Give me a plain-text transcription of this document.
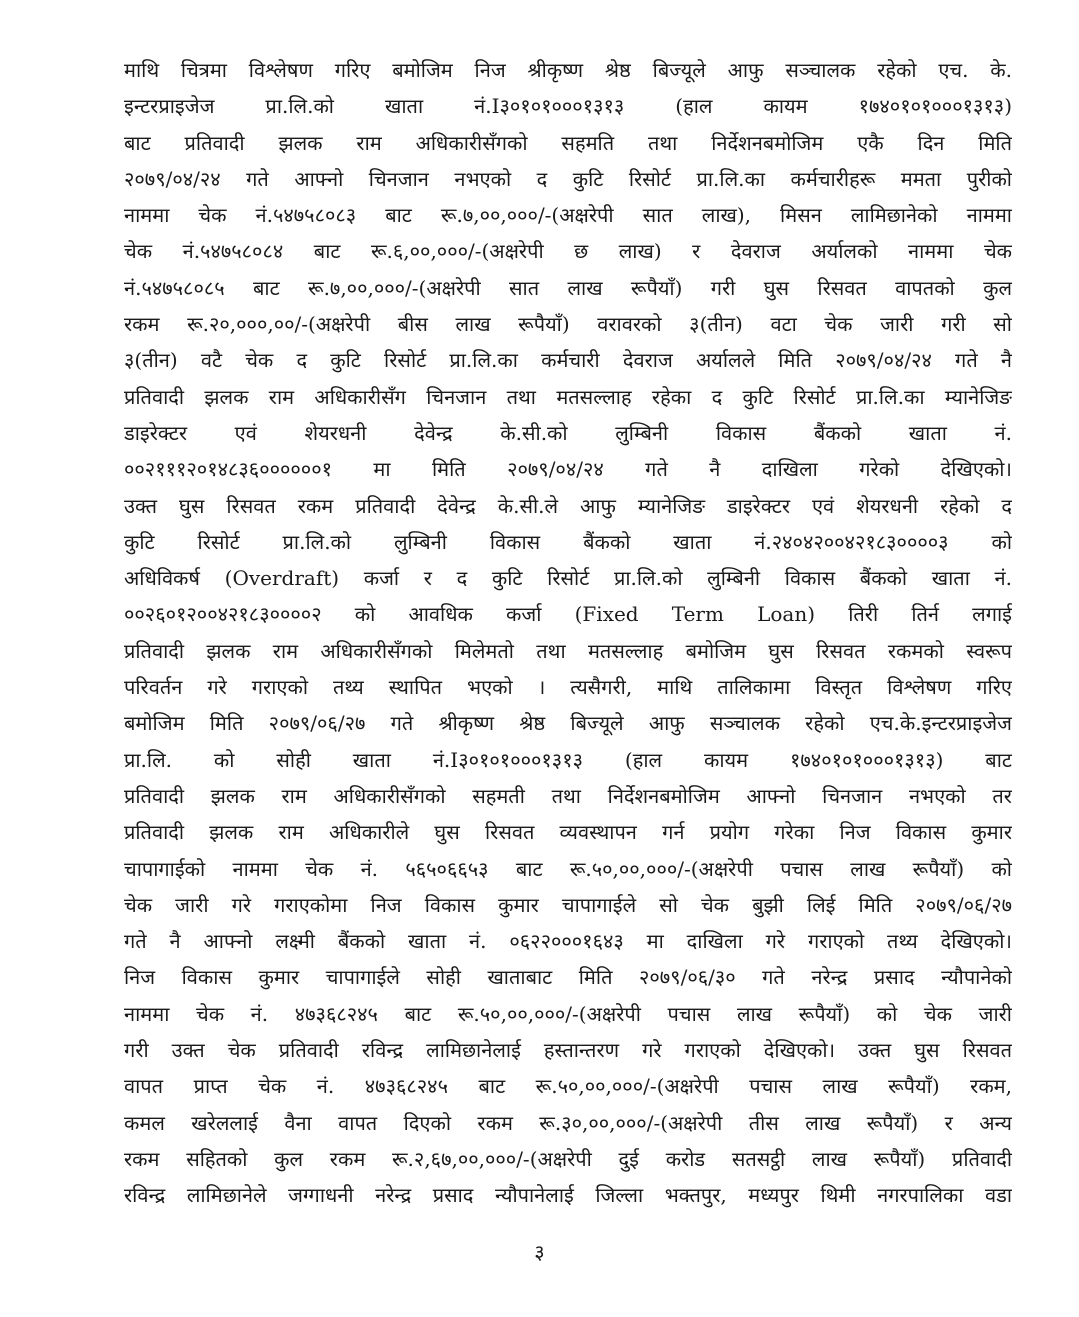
माथि चित्रमा विश्लेषण गरिए बमोजिम निज श्रीकृष्ण श्रेष्ठ बिज्यूले आफु सञ्चालक रहेको एच. के.
इन्टरप्राइजेज प्रा.लि.को खाता नं.I३०१०१०००१३१३ (हाल कायम १७४०१०१०००१३१३)
बाट प्रतिवादी झलक राम अधिकारीसँगको सहमति तथा निर्देशनबमोजिम एकै दिन मिति
२०७९/०४/२४ गते आफ्नो चिनजान नभएको द कुटि रिसोर्ट प्रा.लि.का कर्मचारीहरू ममता पुरीको
नाममा चेक नं.५४७५८०८३ बाट रू.७,००,०००/-(अक्षरेपी सात लाख), मिसन लामिछानेको नाममा
चेक नं.५४७५८०८४ बाट रू.६,००,०००/-(अक्षरेपी छ लाख) र देवराज अर्यालको नाममा चेक
नं.५४७५८०८५ बाट रू.७,००,०००/-(अक्षरेपी सात लाख रूपैयाँ) गरी घुस रिसवत वापतको कुल
रकम रू.२०,०००,००/-(अक्षरेपी बीस लाख रूपैयाँ) वरावरको ३(तीन) वटा चेक जारी गरी सो
३(तीन) वटै चेक द कुटि रिसोर्ट प्रा.लि.का कर्मचारी देवराज अर्यालले मिति २०७९/०४/२४ गते नै
प्रतिवादी झलक राम अधिकारीसँग चिनजान तथा मतसल्लाह रहेका द कुटि रिसोर्ट प्रा.लि.का म्यानेजिङ
डाइरेक्टर एवं शेयरधनी देवेन्द्र के.सी.को लुम्बिनी विकास बैंकको खाता नं.
००२१११२०१४८३६००००००१ मा मिति २०७९/०४/२४ गते नै दाखिला गरेको देखिएको।
उक्त घुस रिसवत रकम प्रतिवादी देवेन्द्र के.सी.ले आफु म्यानेजिङ डाइरेक्टर एवं शेयरधनी रहेको द
कुटि रिसोर्ट प्रा.लि.को लुम्बिनी विकास बैंकको खाता नं.२४०४२००४२१८३००००३ को
अधिविकर्ष (Overdraft) कर्जा र द कुटि रिसोर्ट प्रा.लि.को लुम्बिनी विकास बैंकको खाता नं.
००२६०१२००४२१८३००००२ को आवधिक कर्जा (Fixed Term Loan) तिरी तिर्न लगाई
प्रतिवादी झलक राम अधिकारीसँगको मिलेमतो तथा मतसल्लाह बमोजिम घुस रिसवत रकमको स्वरूप
परिवर्तन गरे गराएको तथ्य स्थापित भएको । त्यसैगरी, माथि तालिकामा विस्तृत विश्लेषण गरिए
बमोजिम मिति २०७९/०६/२७ गते श्रीकृष्ण श्रेष्ठ बिज्यूले आफु सञ्चालक रहेको एच.के.इन्टरप्राइजेज
प्रा.लि. को सोही खाता नं.I३०१०१०००१३१३ (हाल कायम १७४०१०१०००१३१३) बाट
प्रतिवादी झलक राम अधिकारीसँगको सहमती तथा निर्देशनबमोजिम आफ्नो चिनजान नभएको तर
प्रतिवादी झलक राम अधिकारीले घुस रिसवत व्यवस्थापन गर्न प्रयोग गरेका निज विकास कुमार
चापागाईको नाममा चेक नं. ५६५०६६५३ बाट रू.५०,००,०००/-(अक्षरेपी पचास लाख रूपैयाँ) को
चेक जारी गरे गराएकोमा निज विकास कुमार चापागाईले सो चेक बुझी लिई मिति २०७९/०६/२७
गते नै आफ्नो लक्ष्मी बैंकको खाता नं. ०६२२०००१६४३ मा दाखिला गरे गराएको तथ्य देखिएको।
निज विकास कुमार चापागाईले सोही खाताबाट मिति २०७९/०६/३० गते नरेन्द्र प्रसाद न्यौपानेको
नाममा चेक नं. ४७३६८२४५ बाट रू.५०,००,०००/-(अक्षरेपी पचास लाख रूपैयाँ) को चेक जारी
गरी उक्त चेक प्रतिवादी रविन्द्र लामिछानेलाई हस्तान्तरण गरे गराएको देखिएको। उक्त घुस रिसवत
वापत प्राप्त चेक नं. ४७३६८२४५ बाट रू.५०,००,०००/-(अक्षरेपी पचास लाख रूपैयाँ) रकम,
कमल खरेललाई वैना वापत दिएको रकम रू.३०,००,०००/-(अक्षरेपी तीस लाख रूपैयाँ) र अन्य
रकम सहितको कुल रकम रू.२,६७,००,०००/-(अक्षरेपी दुई करोड सतसट्ठी लाख रूपैयाँ) प्रतिवादी
रविन्द्र लामिछानेले जग्गाधनी नरेन्द्र प्रसाद न्यौपानेलाई जिल्ला भक्तपुर, मध्यपुर थिमी नगरपालिका वडा
३
